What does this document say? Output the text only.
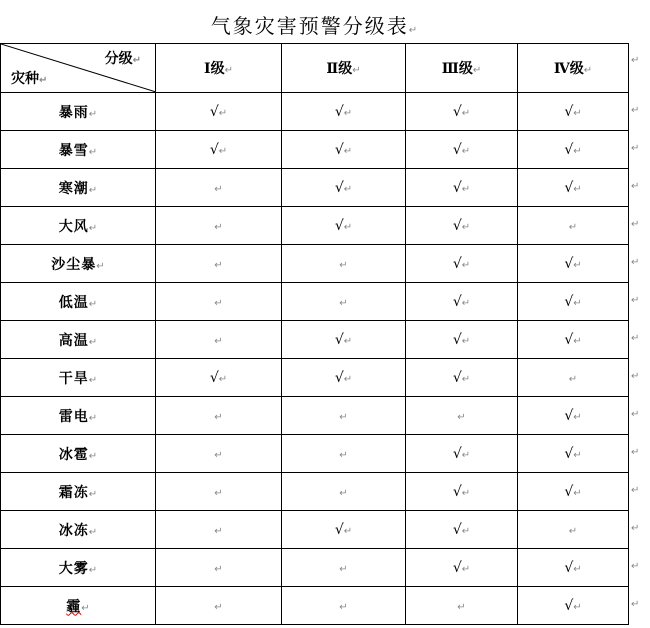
气象灾害预警分级表↵
分级↵
灾种↵	Ⅰ级↵	Ⅱ级↵	Ⅲ级↵	Ⅳ级↵
暴雨↵	√↵	√↵	√↵	√↵
暴雪↵	√↵	√↵	√↵	√↵
寒潮↵	↵	√↵	√↵	√↵
大风↵	↵	√↵	√↵	↵
沙尘暴↵	↵	↵	√↵	√↵
低温↵	↵	↵	√↵	√↵
高温↵	↵	√↵	√↵	√↵
干旱↵	√↵	√↵	√↵	↵
雷电↵	↵	↵	↵	√↵
冰雹↵	↵	↵	√↵	√↵
霜冻↵	↵	↵	√↵	√↵
冰冻↵	↵	√↵	√↵	↵
大雾↵	↵	↵	√↵	√↵
霾↵	↵	↵	↵	√↵
↵
↵
↵
↵
↵
↵
↵
↵
↵
↵
↵
↵
↵
↵
↵
